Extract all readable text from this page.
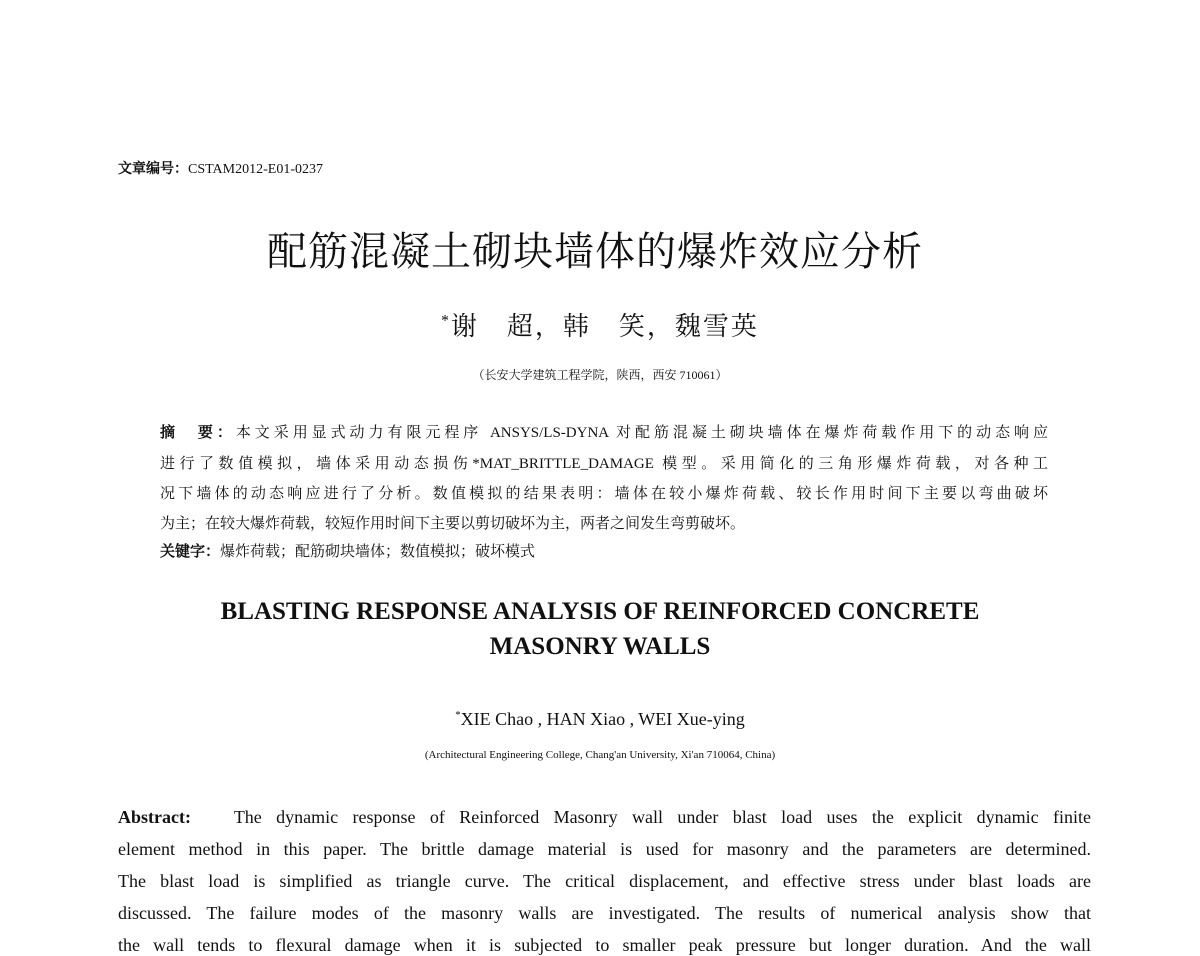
文章编号：CSTAM2012-E01-0237
配筋混凝土砌块墙体的爆炸效应分析
*谢　超，韩　笑，魏雪英
（长安大学建筑工程学院，陕西，西安 710061）
摘　要：本文采用显式动力有限元程序 ANSYS/LS-DYNA 对配筋混凝土砌块墙体在爆炸荷载作用下的动态响应
进行了数值模拟，墙体采用动态损伤*MAT_BRITTLE_DAMAGE 模型。采用简化的三角形爆炸荷载，对各种工
况下墙体的动态响应进行了分析。数值模拟的结果表明：墙体在较小爆炸荷载、较长作用时间下主要以弯曲破坏
为主；在较大爆炸荷载，较短作用时间下主要以剪切破坏为主，两者之间发生弯剪破坏。
关键字：爆炸荷载；配筋砌块墙体；数值模拟；破坏模式
BLASTING RESPONSE ANALYSIS OF REINFORCED CONCRETE
MASONRY WALLS
*XIE Chao , HAN Xiao , WEI Xue-ying
(Architectural Engineering College, Chang'an University, Xi'an 710064, China)
Abstract: The dynamic response of Reinforced Masonry wall under blast load uses the explicit dynamic finite
element method in this paper. The brittle damage material is used for masonry and the parameters are determined.
The blast load is simplified as triangle curve. The critical displacement, and effective stress under blast loads are
discussed. The failure modes of the masonry walls are investigated. The results of numerical analysis show that
the wall tends to flexural damage when it is subjected to smaller peak pressure but longer duration. And the wall
